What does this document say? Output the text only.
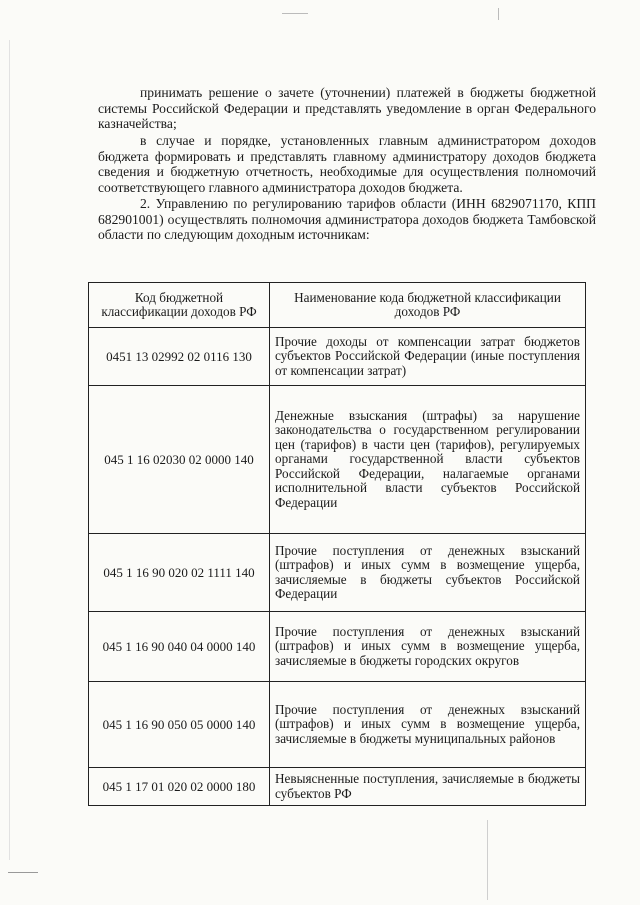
принимать решение о зачете (уточнении) платежей в бюджеты бюджетной системы Российской Федерации и представлять уведомление в орган Федерального казначейства;

в случае и порядке, установленных главным администратором доходов бюджета формировать и представлять главному администратору доходов бюджета сведения и бюджетную отчетность, необходимые для осуществления полномочий соответствующего главного администратора доходов бюджета.

2. Управлению по регулированию тарифов области (ИНН 6829071170, КПП 682901001) осуществлять полномочия администратора доходов бюджета Тамбовской области по следующим доходным источникам:

Код бюджетной классификации доходов РФ	Наименование кода бюджетной классификации доходов РФ
0451 13 02992 02 0116 130	Прочие доходы от компенсации затрат бюджетов субъектов Российской Федерации (иные поступления от компенсации затрат)
045 1 16 02030 02 0000 140	Денежные взыскания (штрафы) за нарушение законодательства о государственном регулировании цен (тарифов) в части цен (тарифов), регулируемых органами государственной власти субъектов Российской Федерации, налагаемые органами исполнительной власти субъектов Российской Федерации
045 1 16 90 020 02 1111 140	Прочие поступления от денежных взысканий (штрафов) и иных сумм в возмещение ущерба, зачисляемые в бюджеты субъектов Российской Федерации
045 1 16 90 040 04 0000 140	Прочие поступления от денежных взысканий (штрафов) и иных сумм в возмещение ущерба, зачисляемые в бюджеты городских округов
045 1 16 90 050 05 0000 140	Прочие поступления от денежных взысканий (штрафов) и иных сумм в возмещение ущерба, зачисляемые в бюджеты муниципальных районов
045 1 17 01 020 02 0000 180	Невыясненные поступления, зачисляемые в бюджеты субъектов РФ
